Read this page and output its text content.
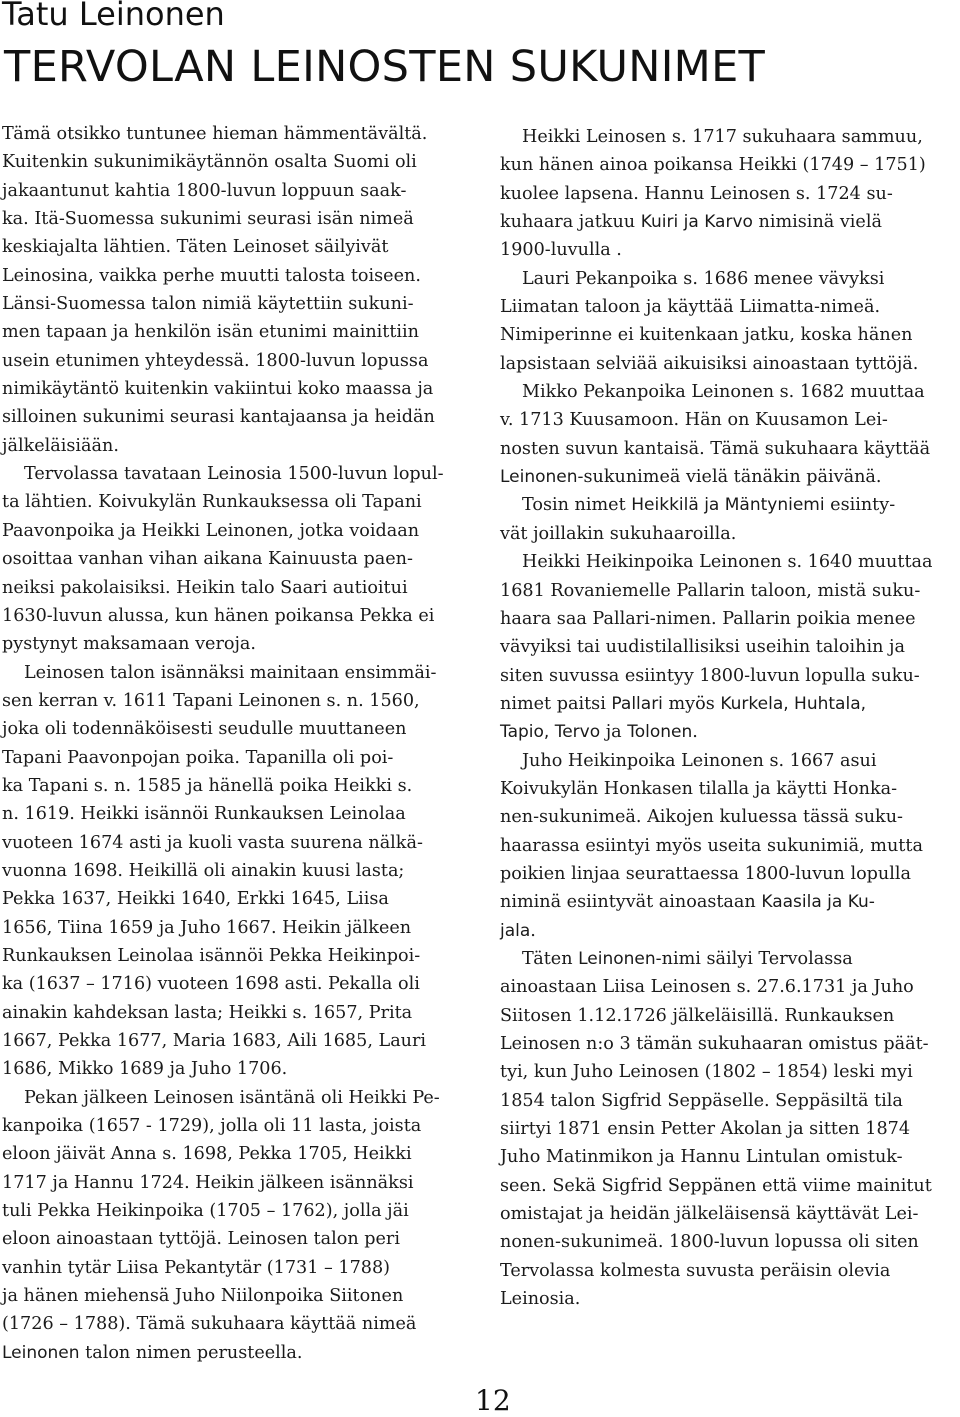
Tatu Leinonen
TERVOLAN LEINOSTEN SUKUNIMET
Tämä otsikko tuntunee hieman hämmentävältä.
Kuitenkin sukunimikäytännön osalta Suomi oli
jakaantunut kahtia 1800-luvun loppuun saak-
ka. Itä-Suomessa sukunimi seurasi isän nimeä
keskiajalta lähtien. Täten Leinoset säilyivät
Leinosina, vaikka perhe muutti talosta toiseen.
Länsi-Suomessa talon nimiä käytettiin sukuni-
men tapaan ja henkilön isän etunimi mainittiin
usein etunimen yhteydessä. 1800-luvun lopussa
nimikäytäntö kuitenkin vakiintui koko maassa ja
silloinen sukunimi seurasi kantajaansa ja heidän
jälkeläisiään.
Tervolassa tavataan Leinosia 1500-luvun lopul-
ta lähtien. Koivukylän Runkauksessa oli Tapani
Paavonpoika ja Heikki Leinonen, jotka voidaan
osoittaa vanhan vihan aikana Kainuusta paen-
neiksi pakolaisiksi. Heikin talo Saari autioitui
1630-luvun alussa, kun hänen poikansa Pekka ei
pystynyt maksamaan veroja.
Leinosen talon isännäksi mainitaan ensimmäi-
sen kerran v. 1611 Tapani Leinonen s. n. 1560,
joka oli todennäköisesti seudulle muuttaneen
Tapani Paavonpojan poika. Tapanilla oli poi-
ka Tapani s. n. 1585 ja hänellä poika Heikki s.
n. 1619. Heikki isännöi Runkauksen Leinolaa
vuoteen 1674 asti ja kuoli vasta suurena nälkä-
vuonna 1698. Heikillä oli ainakin kuusi lasta;
Pekka 1637, Heikki 1640, Erkki 1645, Liisa
1656, Tiina 1659 ja Juho 1667. Heikin jälkeen
Runkauksen Leinolaa isännöi Pekka Heikinpoi-
ka (1637 – 1716) vuoteen 1698 asti. Pekalla oli
ainakin kahdeksan lasta; Heikki s. 1657, Prita
1667, Pekka 1677, Maria 1683, Aili 1685, Lauri
1686, Mikko 1689 ja Juho 1706.
Pekan jälkeen Leinosen isäntänä oli Heikki Pe-
kanpoika (1657 - 1729), jolla oli 11 lasta, joista
eloon jäivät Anna s. 1698, Pekka 1705, Heikki
1717 ja Hannu 1724. Heikin jälkeen isännäksi
tuli Pekka Heikinpoika (1705 – 1762), jolla jäi
eloon ainoastaan tyttöjä. Leinosen talon peri
vanhin tytär Liisa Pekantytär (1731 – 1788)
ja hänen miehensä Juho Niilonpoika Siitonen
(1726 – 1788). Tämä sukuhaara käyttää nimeä
Leinonen talon nimen perusteella.
Heikki Leinosen s. 1717 sukuhaara sammuu,
kun hänen ainoa poikansa Heikki (1749 – 1751)
kuolee lapsena. Hannu Leinosen s. 1724 su-
kuhaara jatkuu Kuiri ja Karvo nimisinä vielä
1900-luvulla .
Lauri Pekanpoika s. 1686 menee vävyksi
Liimatan taloon ja käyttää Liimatta-nimeä.
Nimiperinne ei kuitenkaan jatku, koska hänen
lapsistaan selviää aikuisiksi ainoastaan tyttöjä.
Mikko Pekanpoika Leinonen s. 1682 muuttaa
v. 1713 Kuusamoon. Hän on Kuusamon Lei-
nosten suvun kantaisä. Tämä sukuhaara käyttää
Leinonen-sukunimeä vielä tänäkin päivänä.
Tosin nimet Heikkilä ja Mäntyniemi esiinty-
vät joillakin sukuhaaroilla.
Heikki Heikinpoika Leinonen s. 1640 muuttaa
1681 Rovaniemelle Pallarin taloon, mistä suku-
haara saa Pallari-nimen. Pallarin poikia menee
vävyiksi tai uudistilallisiksi useihin taloihin ja
siten suvussa esiintyy 1800-luvun lopulla suku-
nimet paitsi Pallari myös Kurkela, Huhtala,
Tapio, Tervo ja Tolonen.
Juho Heikinpoika Leinonen s. 1667 asui
Koivukylän Honkasen tilalla ja käytti Honka-
nen-sukunimeä. Aikojen kuluessa tässä suku-
haarassa esiintyi myös useita sukunimiä, mutta
poikien linjaa seurattaessa 1800-luvun lopulla
niminä esiintyvät ainoastaan Kaasila ja Ku-
jala.
Täten Leinonen-nimi säilyi Tervolassa
ainoastaan Liisa Leinosen s. 27.6.1731 ja Juho
Siitosen 1.12.1726 jälkeläisillä. Runkauksen
Leinosen n:o 3 tämän sukuhaaran omistus päät-
tyi, kun Juho Leinosen (1802 – 1854) leski myi
1854 talon Sigfrid Seppäselle. Seppäsiltä tila
siirtyi 1871 ensin Petter Akolan ja sitten 1874
Juho Matinmikon ja Hannu Lintulan omistuk-
seen. Sekä Sigfrid Seppänen että viime mainitut
omistajat ja heidän jälkeläisensä käyttävät Lei-
nonen-sukunimeä. 1800-luvun lopussa oli siten
Tervolassa kolmesta suvusta peräisin olevia
Leinosia.
12
